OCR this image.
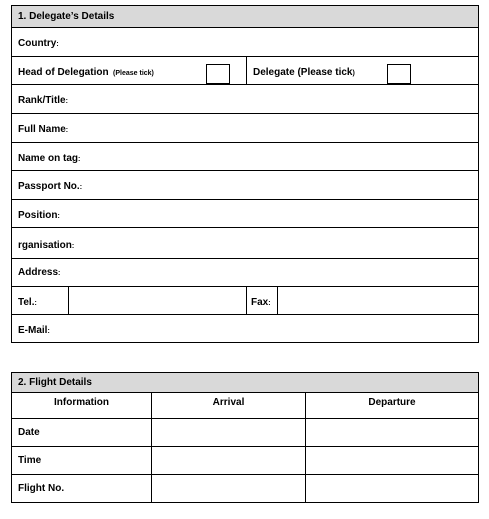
1. Delegate’s Details			
Country:			
Head of Delegation (Please tick)		Delegate (Please tick)	

Rank/Title:			
Full Name:			
Name on tag:			
Passport No.:			
Position:			
rganisation:			
Address:			
Tel.:		Fax:	
E-Mail:			
2. Flight Details		
Information	Arrival	Departure
Date		
Time		
Flight No.		
